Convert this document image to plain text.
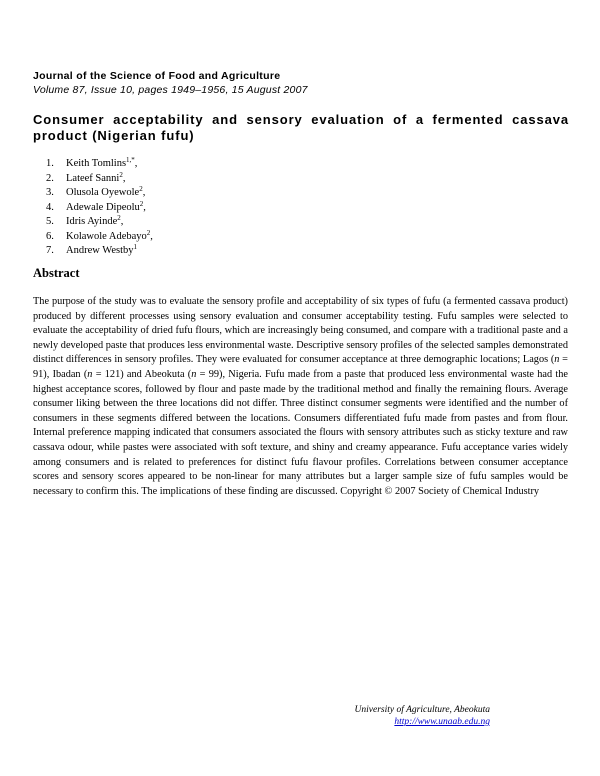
Journal of the Science of Food and Agriculture
Volume 87, Issue 10, pages 1949–1956, 15 August 2007
Consumer acceptability and sensory evaluation of a fermented cassava product (Nigerian fufu)
1. Keith Tomlins$^{1,*}$,
2. Lateef Sanni$^2$,
3. Olusola Oyewole$^2$,
4. Adewale Dipeolu$^2$,
5. Idris Ayinde$^2$,
6. Kolawole Adebayo$^2$,
7. Andrew Westby$^1$
Abstract

The purpose of the study was to evaluate the sensory profile and acceptability of six types of fufu (a fermented cassava product) produced by different processes using sensory evaluation and consumer acceptability testing. Fufu samples were selected to evaluate the acceptability of dried fufu flours, which are increasingly being consumed, and compare with a traditional paste and a newly developed paste that produces less environmental waste. Descriptive sensory profiles of the selected samples demonstrated distinct differences in sensory profiles. They were evaluated for consumer acceptance at three demographic locations; Lagos (n = 91), Ibadan (n = 121) and Abeokuta (n = 99), Nigeria. Fufu made from a paste that produced less environmental waste had the highest acceptance scores, followed by flour and paste made by the traditional method and finally the remaining flours. Average consumer liking between the three locations did not differ. Three distinct consumer segments were identified and the number of consumers in these segments differed between the locations. Consumers differentiated fufu made from pastes and from flour. Internal preference mapping indicated that consumers associated the flours with sensory attributes such as sticky texture and raw cassava odour, while pastes were associated with soft texture, and shiny and creamy appearance. Fufu acceptance varies widely among consumers and is related to preferences for distinct fufu flavour profiles. Correlations between consumer acceptance scores and sensory scores appeared to be non-linear for many attributes but a larger sample size of fufu samples would be necessary to confirm this. The implications of these finding are discussed. Copyright © 2007 Society of Chemical Industry

University of Agriculture, Abeokuta
http://www.unaab.edu.ng
